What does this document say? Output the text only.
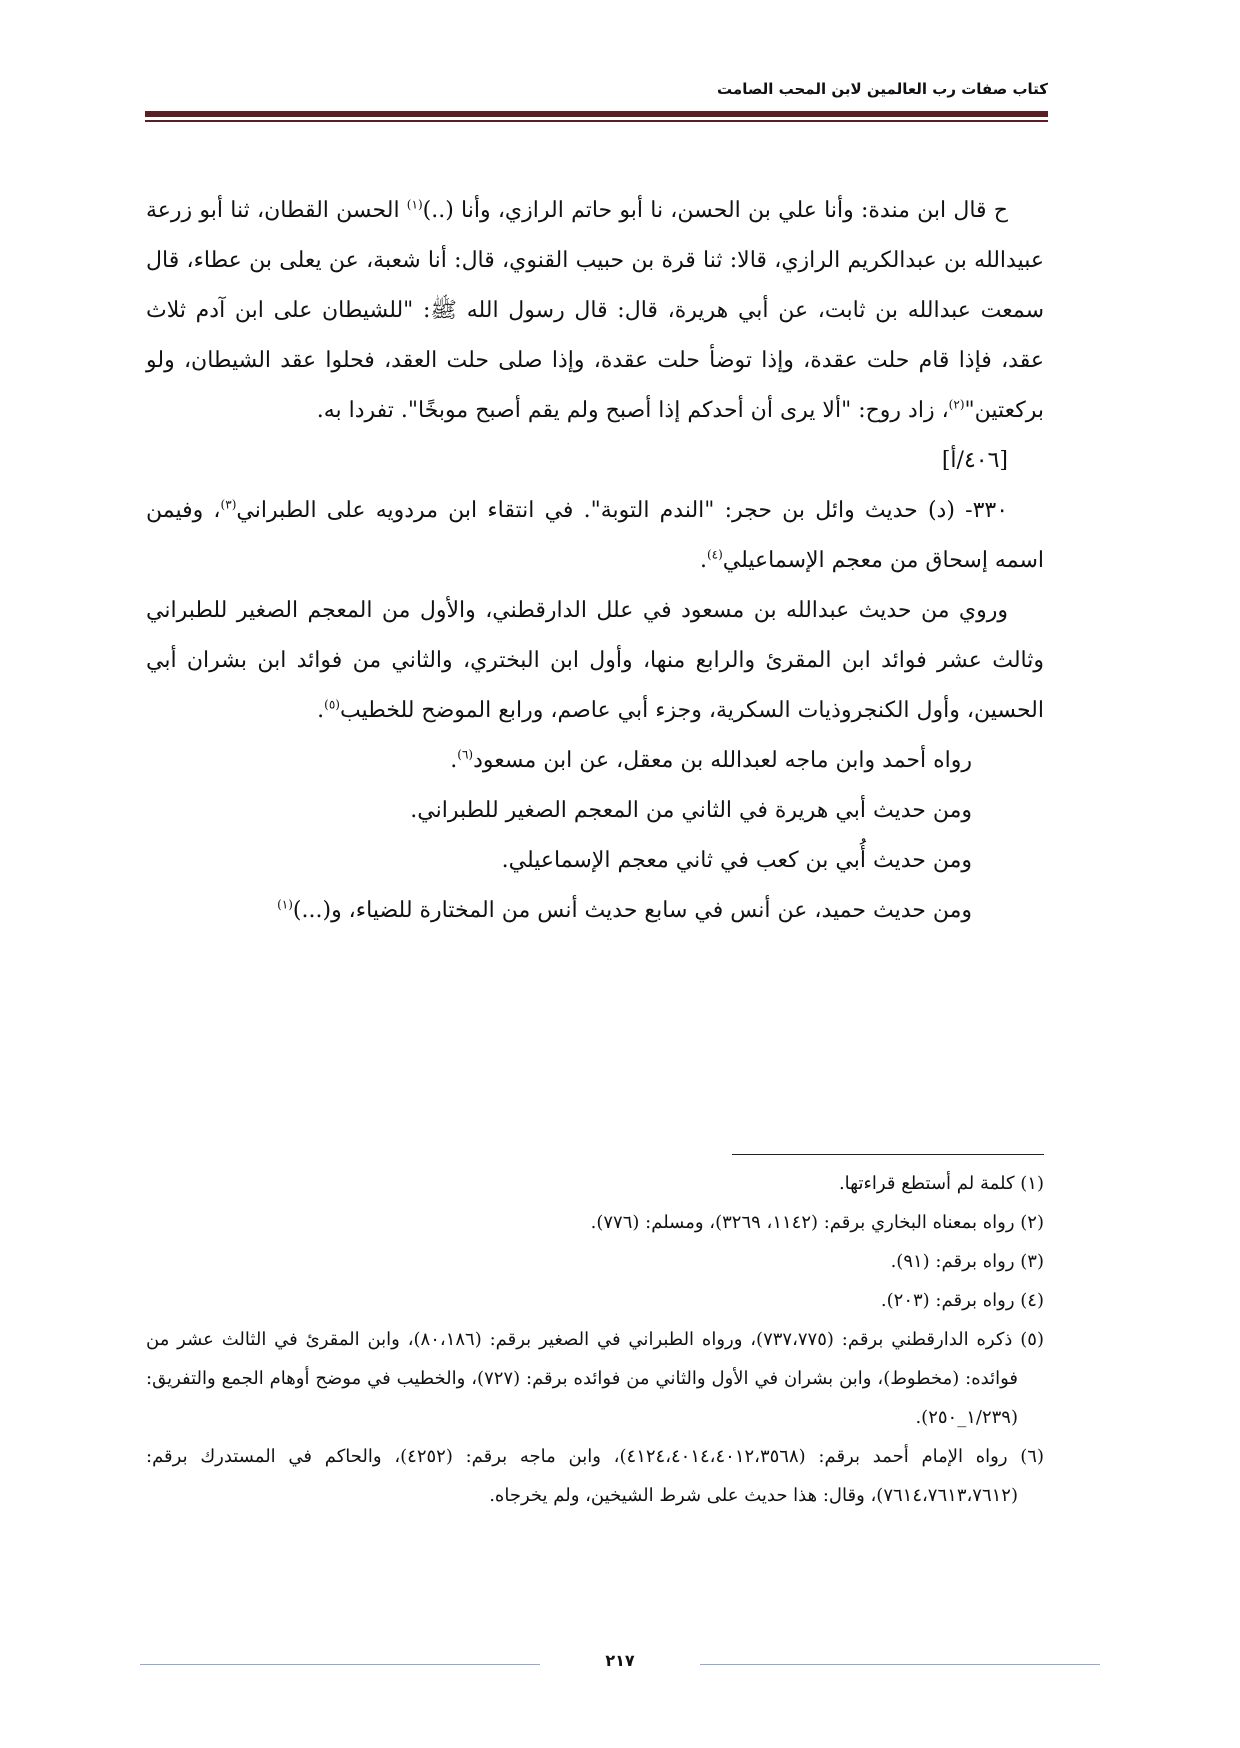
كتاب صفات رب العالمين لابن المحب الصامت

ح قال ابن مندة: وأنا علي بن الحسن، نا أبو حاتم الرازي، وأنا (..)$^{(١)}$ الحسن القطان، ثنا أبو زرعة عبيدالله بن عبدالكريم الرازي، قالا: ثنا قرة بن حبيب القنوي، قال: أنا شعبة، عن يعلى بن عطاء، قال سمعت عبدالله بن ثابت، عن أبي هريرة، قال: قال رسول الله ﷺ: "للشيطان على ابن آدم ثلاث عقد، فإذا قام حلت عقدة، وإذا توضأ حلت عقدة، وإذا صلى حلت العقد، فحلوا عقد الشيطان، ولو بركعتين"$^{(٢)}$، زاد روح: "ألا يرى أن أحدكم إذا أصبح ولم يقم أصبح موبخًا". تفردا به.

[٤٠٦/أ]

٣٣٠- (د) حديث وائل بن حجر: "الندم التوبة". في انتقاء ابن مردويه على الطبراني$^{(٣)}$، وفيمن اسمه إسحاق من معجم الإسماعيلي$^{(٤)}$.

وروي من حديث عبدالله بن مسعود في علل الدارقطني، والأول من المعجم الصغير للطبراني وثالث عشر فوائد ابن المقرئ والرابع منها، وأول ابن البختري، والثاني من فوائد ابن بشران أبي الحسين، وأول الكنجروذيات السكرية، وجزء أبي عاصم، ورابع الموضح للخطيب$^{(٥)}$.

رواه أحمد وابن ماجه لعبدالله بن معقل، عن ابن مسعود$^{(٦)}$.

ومن حديث أبي هريرة في الثاني من المعجم الصغير للطبراني.

ومن حديث أُبي بن كعب في ثاني معجم الإسماعيلي.

ومن حديث حميد، عن أنس في سابع حديث أنس من المختارة للضياء، و(...)$^{(١)}$

(١) كلمة لم أستطع قراءتها.

(٢) رواه بمعناه البخاري برقم: (١١٤٢، ٣٢٦٩)، ومسلم: (٧٧٦).

(٣) رواه برقم: (٩١).

(٤) رواه برقم: (٢٠٣).

(٥) ذكره الدارقطني برقم: (٧٣٧،٧٧٥)، ورواه الطبراني في الصغير برقم: (٨٠،١٨٦)، وابن المقرئ في الثالث عشر من فوائده: (مخطوط)، وابن بشران في الأول والثاني من فوائده برقم: (٧٢٧)، والخطيب في موضح أوهام الجمع والتفريق: (١/٢٣٩_٢٥٠).

(٦) رواه الإمام أحمد برقم: (٤١٢٤،٤٠١٤،٤٠١٢،٣٥٦٨)، وابن ماجه برقم: (٤٢٥٢)، والحاكم في المستدرك برقم: (٧٦١٤،٧٦١٣،٧٦١٢)، وقال: هذا حديث على شرط الشيخين، ولم يخرجاه.

٢١٧
